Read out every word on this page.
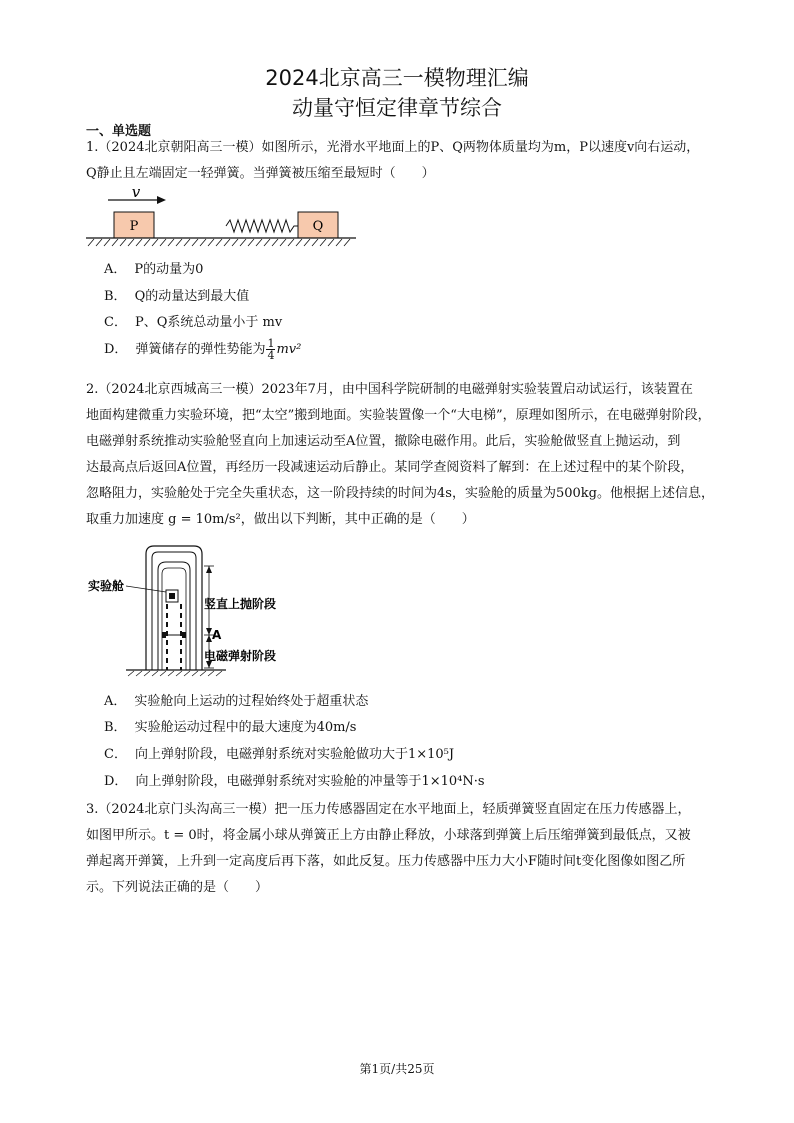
2024北京高三一模物理汇编
动量守恒定律章节综合
一、单选题
1.（2024北京朝阳高三一模）如图所示，光滑水平地面上的P、Q两物体质量均为m，P以速度v向右运动，
Q静止且左端固定一轻弹簧。当弹簧被压缩至最短时（　　）
v
P	Q
A． P的动量为0
B． Q的动量达到最大值
C． P、Q系统总动量小于 mv
D． 弹簧储存的弹性势能为 $\frac{1}{4} mv^2$
2.（2024北京西城高三一模）2023年7月，由中国科学院研制的电磁弹射实验装置启动试运行，该装置在
地面构建微重力实验环境，把“太空”搬到地面。实验装置像一个“大电梯”，原理如图所示，在电磁弹射阶段，
电磁弹射系统推动实验舱竖直向上加速运动至A位置，撤除电磁作用。此后，实验舱做竖直上抛运动，到
达最高点后返回A位置，再经历一段减速运动后静止。某同学查阅资料了解到：在上述过程中的某个阶段，
忽略阻力，实验舱处于完全失重状态，这一阶段持续的时间为4s，实验舱的质量为500kg。他根据上述信息，
取重力加速度 g = 10m/s²，做出以下判断，其中正确的是（　　）
实验舱
竖直上抛阶段
A
电磁弹射阶段
A． 实验舱向上运动的过程始终处于超重状态
B． 实验舱运动过程中的最大速度为40m/s
C． 向上弹射阶段，电磁弹射系统对实验舱做功大于1×10⁵J
D． 向上弹射阶段，电磁弹射系统对实验舱的冲量等于1×10⁴N·s
3.（2024北京门头沟高三一模）把一压力传感器固定在水平地面上，轻质弹簧竖直固定在压力传感器上，
如图甲所示。t = 0时，将金属小球从弹簧正上方由静止释放，小球落到弹簧上后压缩弹簧到最低点，又被
弹起离开弹簧，上升到一定高度后再下落，如此反复。压力传感器中压力大小F随时间t变化图像如图乙所
示。下列说法正确的是（　　）
第1页/共25页
